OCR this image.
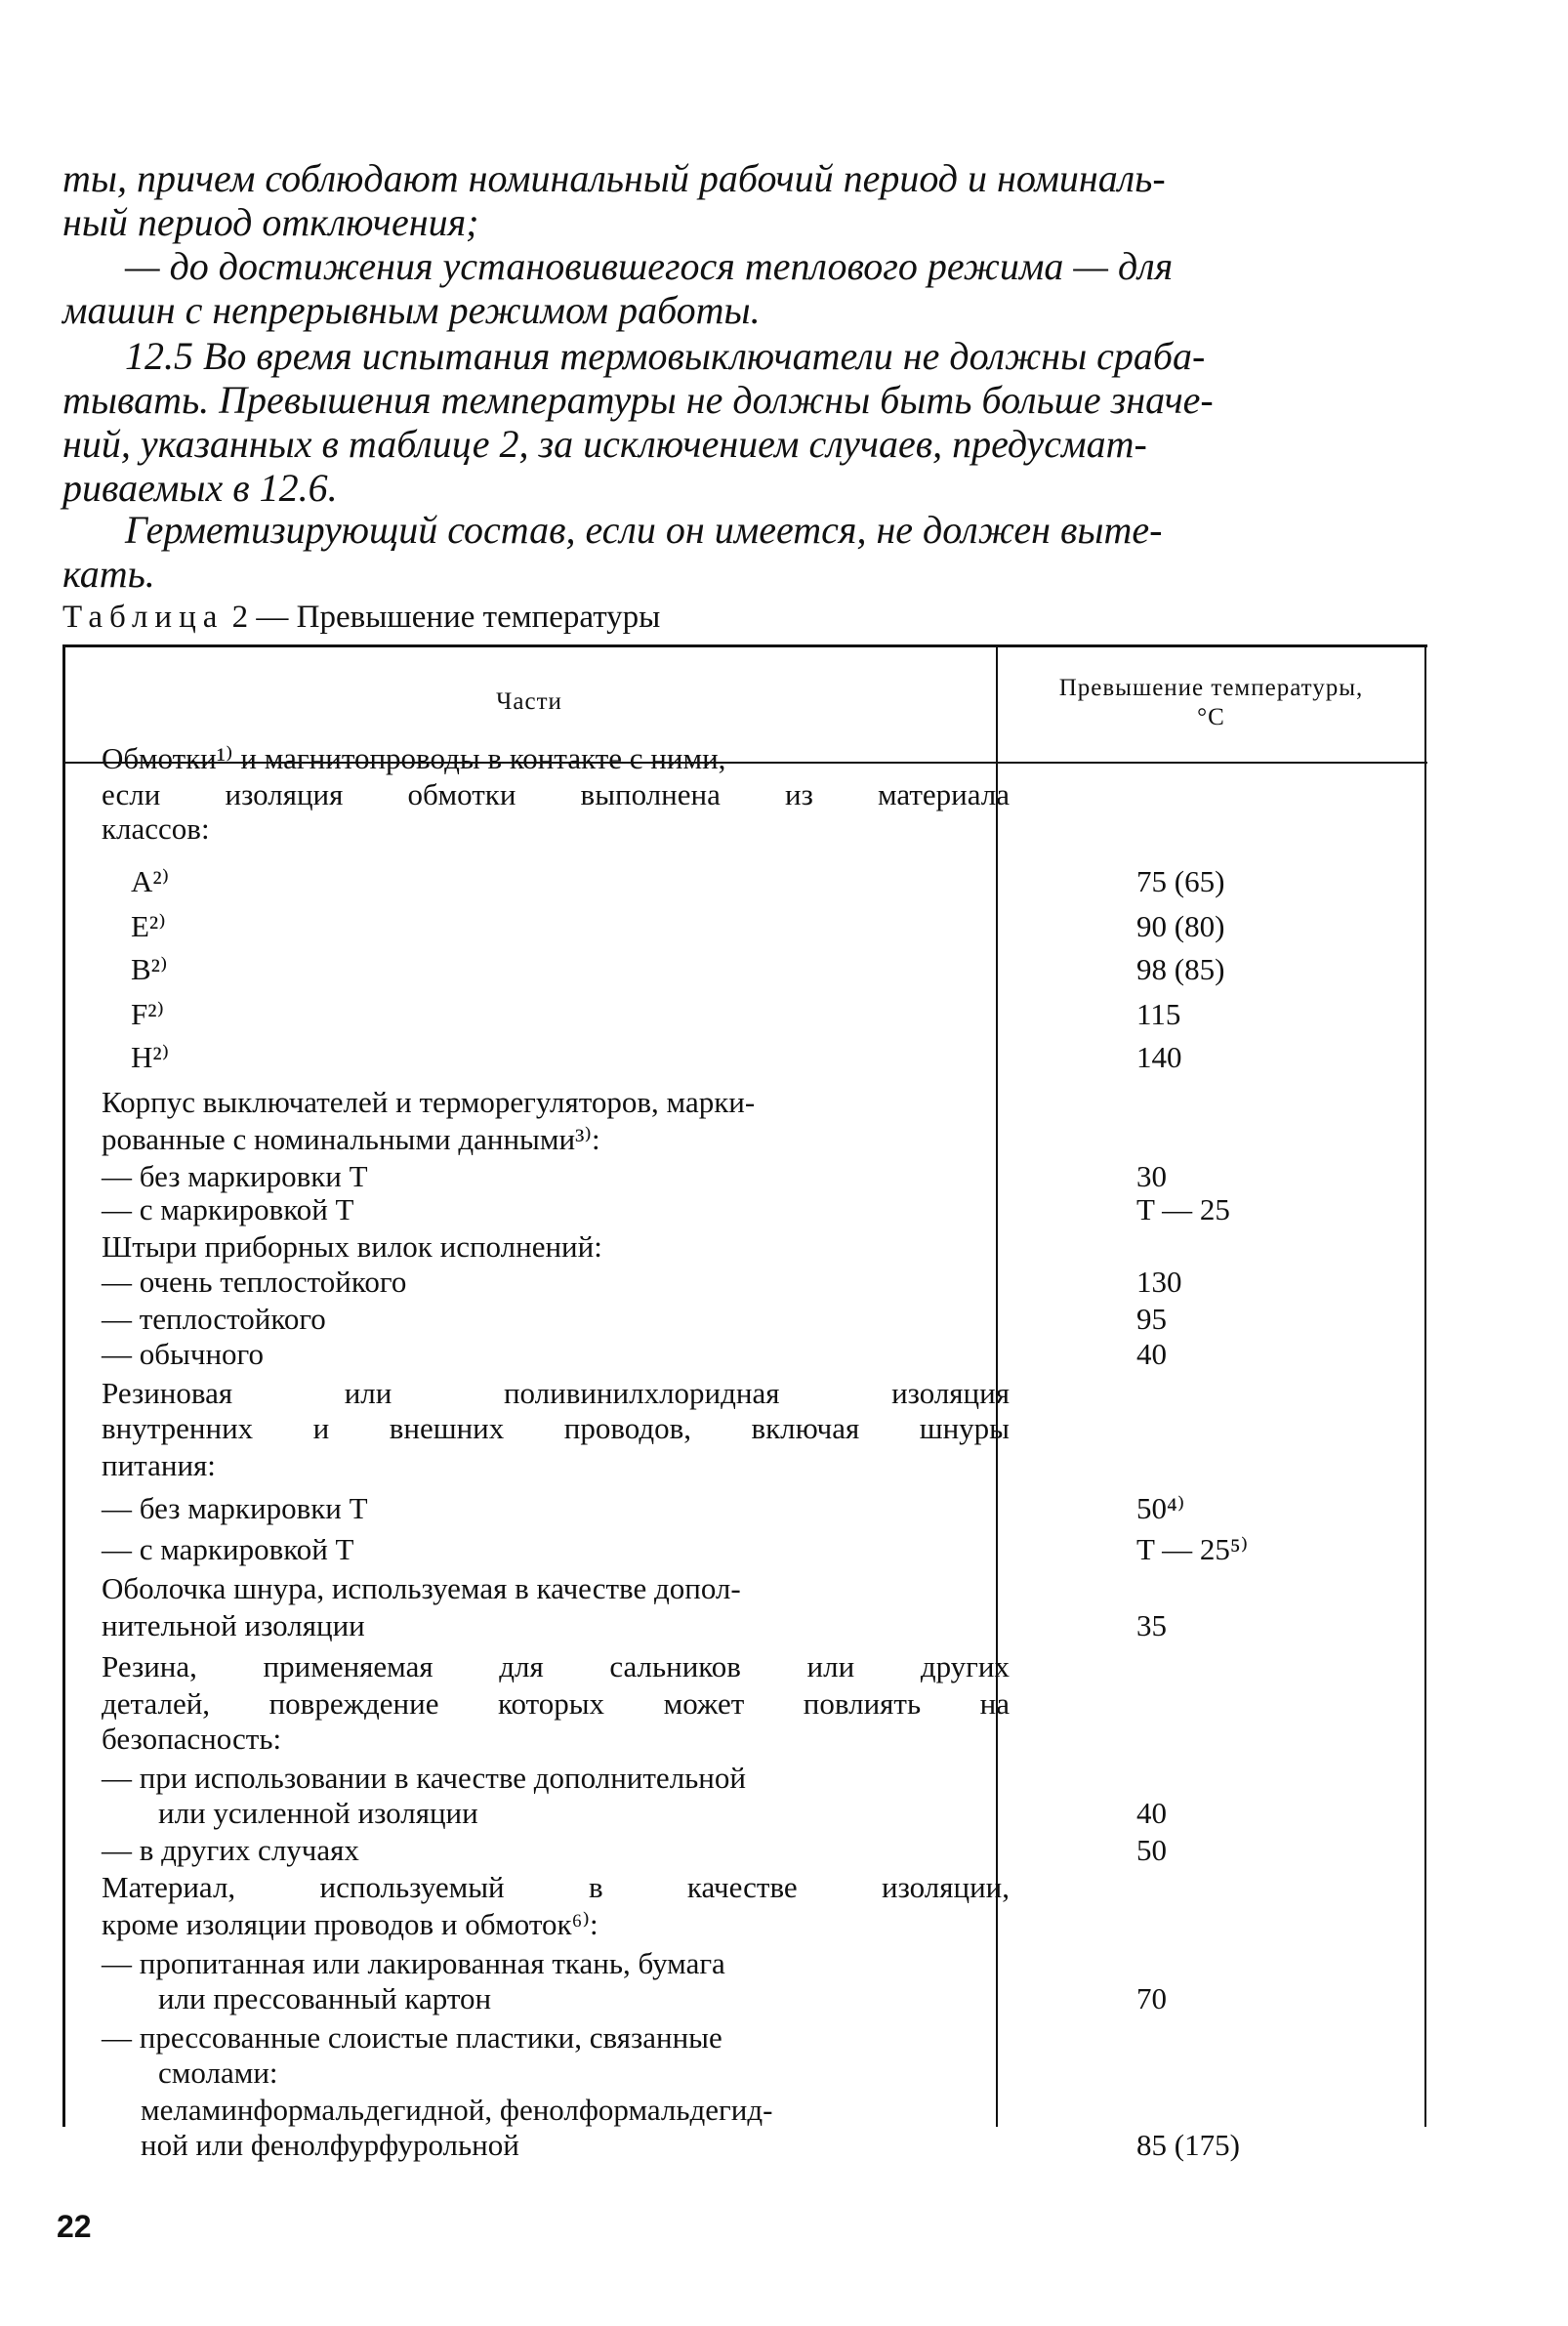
ты, причем соблюдают номинальный рабочий период и номиналь-
ный период отключения;
— до достижения установившегося теплового режима — для
машин с непрерывным режимом работы.
12.5 Во время испытания термовыключатели не должны сраба-
тывать. Превышения температуры не должны быть больше значе-
ний, указанных в таблице 2, за исключением случаев, предусмат-
риваемых в 12.6.
Герметизирующий состав, если он имеется, не должен выте-
кать.
Таблица 2 — Превышение температуры
Части
Превышение температуры,
°С
Обмотки¹⁾ и магнитопроводы в контакте с ними,
если изоляция обмотки выполнена из материала
классов:
A²⁾	75 (65)
E²⁾	90 (80)
B²⁾	98 (85)
F²⁾	115
H²⁾	140
Корпус выключателей и терморегуляторов, марки-
рованные с номинальными данными³⁾:
— без маркировки T	30
— с маркировкой T	T — 25
Штыри приборных вилок исполнений:
— очень теплостойкого	130
— теплостойкого	95
— обычного	40
Резиновая или поливинилхлоридная изоляция
внутренних и внешних проводов, включая шнуры
питания:
— без маркировки T	50⁴⁾
— с маркировкой T	T — 25⁵⁾
Оболочка шнура, используемая в качестве допол-
нительной изоляции	35
Резина, применяемая для сальников или других
деталей, повреждение которых может повлиять на
безопасность:
— при использовании в качестве дополнительной
или усиленной изоляции	40
— в других случаях	50
Материал, используемый в качестве изоляции,
кроме изоляции проводов и обмоток⁶⁾:
— пропитанная или лакированная ткань, бумага
или прессованный картон	70
— прессованные слоистые пластики, связанные
смолами:
меламинформальдегидной, фенолформальдегид-
ной или фенолфурфурольной	85 (175)
22
